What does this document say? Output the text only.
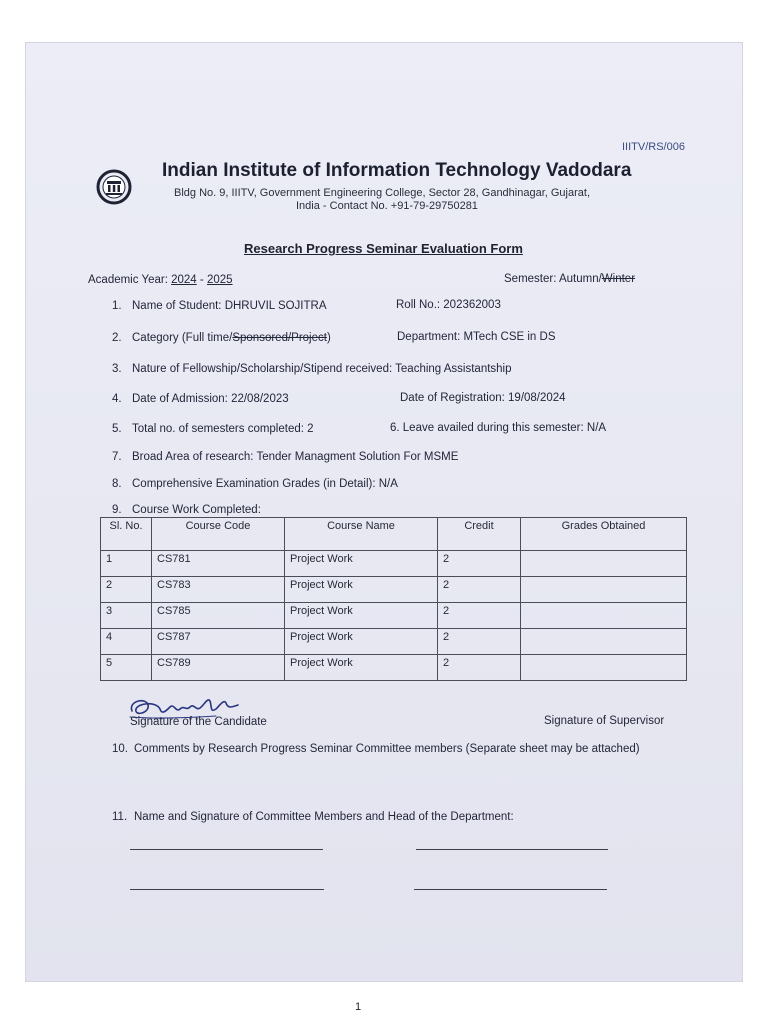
IIITV/RS/006
Indian Institute of Information Technology Vadodara
Bldg No. 9, IIITV, Government Engineering College, Sector 28, Gandhinagar, Gujarat,
India - Contact No. +91-79-29750281
Research Progress Seminar Evaluation Form
Academic Year: 2024 - 2025	Semester: Autumn/Winter
1. Name of Student: DHRUVIL SOJITRA	Roll No.: 202362003
2. Category (Full time/Sponsored/Project)	Department: MTech CSE in DS
3. Nature of Fellowship/Scholarship/Stipend received: Teaching Assistantship
4. Date of Admission: 22/08/2023	Date of Registration: 19/08/2024
5. Total no. of semesters completed: 2	6. Leave availed during this semester: N/A
7. Broad Area of research: Tender Managment Solution For MSME
8. Comprehensive Examination Grades (in Detail): N/A
9. Course Work Completed:
Sl. No.	Course Code	Course Name	Credit	Grades Obtained
1	CS781	Project Work	2	
2	CS783	Project Work	2	
3	CS785	Project Work	2	
4	CS787	Project Work	2	
5	CS789	Project Work	2	
Signature of the Candidate	Signature of Supervisor
10. Comments by Research Progress Seminar Committee members (Separate sheet may be attached)
11. Name and Signature of Committee Members and Head of the Department:
1
